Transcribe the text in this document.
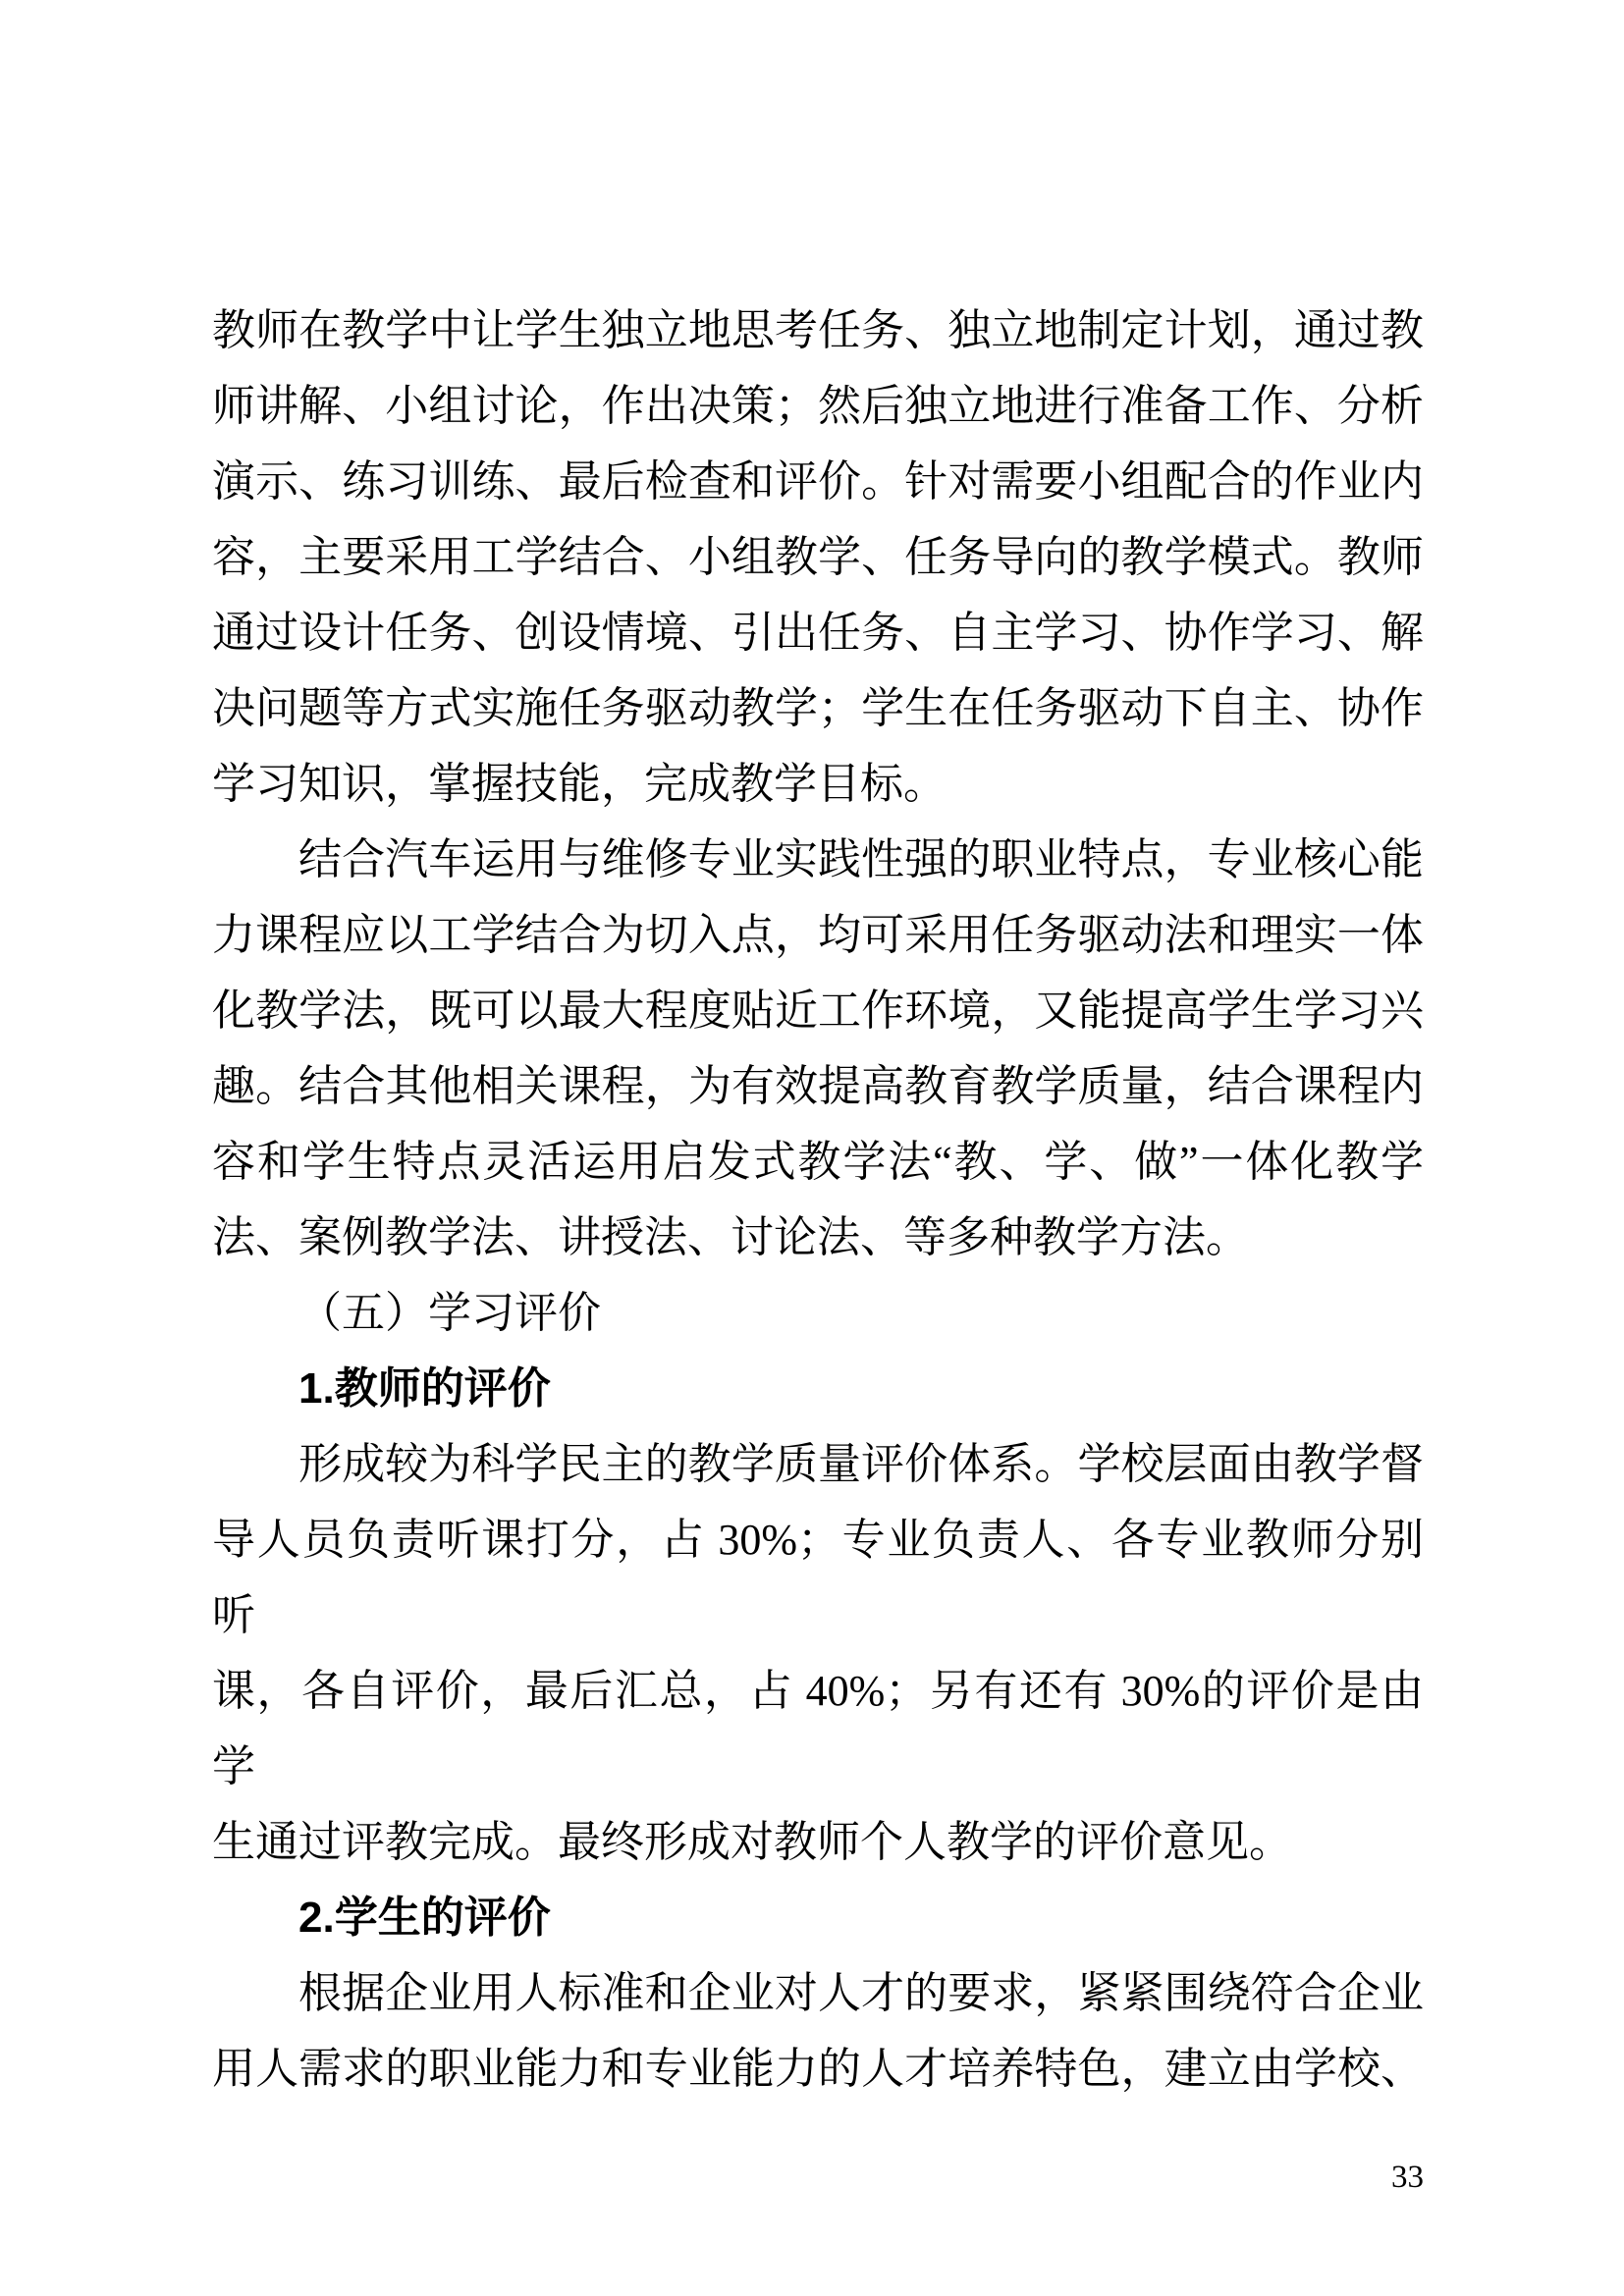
教师在教学中让学生独立地思考任务、独立地制定计划，通过教
师讲解、小组讨论，作出决策；然后独立地进行准备工作、分析
演示、练习训练、最后检查和评价。针对需要小组配合的作业内
容，主要采用工学结合、小组教学、任务导向的教学模式。教师
通过设计任务、创设情境、引出任务、自主学习、协作学习、解
决问题等方式实施任务驱动教学；学生在任务驱动下自主、协作
学习知识，掌握技能，完成教学目标。
结合汽车运用与维修专业实践性强的职业特点，专业核心能
力课程应以工学结合为切入点，均可采用任务驱动法和理实一体
化教学法，既可以最大程度贴近工作环境，又能提高学生学习兴
趣。结合其他相关课程，为有效提高教育教学质量，结合课程内
容和学生特点灵活运用启发式教学法“教、学、做”一体化教学
法、案例教学法、讲授法、讨论法、等多种教学方法。
（五）学习评价
1.教师的评价
形成较为科学民主的教学质量评价体系。学校层面由教学督
导人员负责听课打分，占 30%；专业负责人、各专业教师分别听
课，各自评价，最后汇总，占 40%；另有还有 30%的评价是由学
生通过评教完成。最终形成对教师个人教学的评价意见。
2.学生的评价
根据企业用人标准和企业对人才的要求，紧紧围绕符合企业
用人需求的职业能力和专业能力的人才培养特色，建立由学校、
33
